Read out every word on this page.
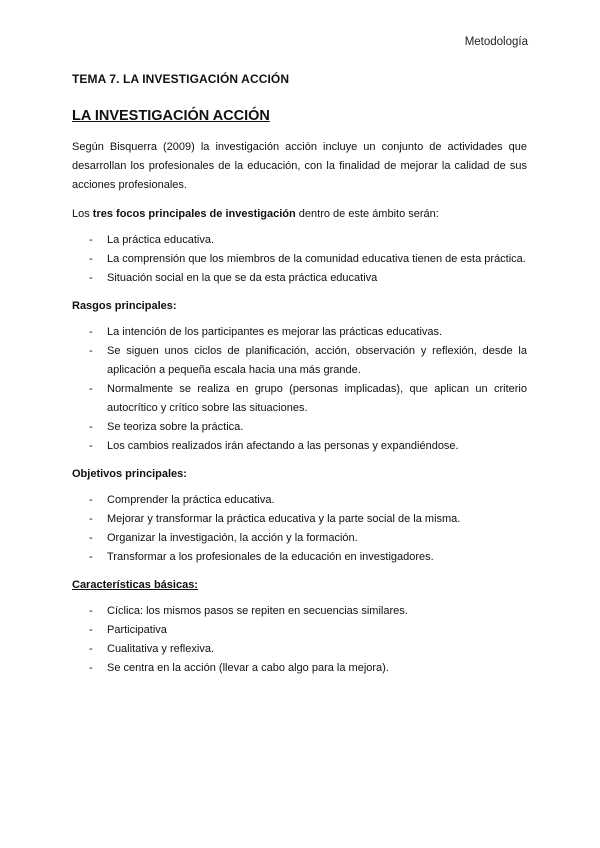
Metodología
TEMA 7. LA INVESTIGACIÓN ACCIÓN
LA INVESTIGACIÓN ACCIÓN

Según Bisquerra (2009) la investigación acción incluye un conjunto de actividades que desarrollan los profesionales de la educación, con la finalidad de mejorar la calidad de sus acciones profesionales.

Los tres focos principales de investigación dentro de este ámbito serán:

- La práctica educativa.
- La comprensión que los miembros de la comunidad educativa tienen de esta práctica.
- Situación social en la que se da esta práctica educativa

Rasgos principales:

- La intención de los participantes es mejorar las prácticas educativas.
- Se siguen unos ciclos de planificación, acción, observación y reflexión, desde la aplicación a pequeña escala hacia una más grande.
- Normalmente se realiza en grupo (personas implicadas), que aplican un criterio autocrítico y crítico sobre las situaciones.
- Se teoriza sobre la práctica.
- Los cambios realizados irán afectando a las personas y expandiéndose.

Objetivos principales:

- Comprender la práctica educativa.
- Mejorar y transformar la práctica educativa y la parte social de la misma.
- Organizar la investigación, la acción y la formación.
- Transformar a los profesionales de la educación en investigadores.

Características básicas:

- Cíclica: los mismos pasos se repiten en secuencias similares.
- Participativa
- Cualitativa y reflexiva.
- Se centra en la acción (llevar a cabo algo para la mejora).
